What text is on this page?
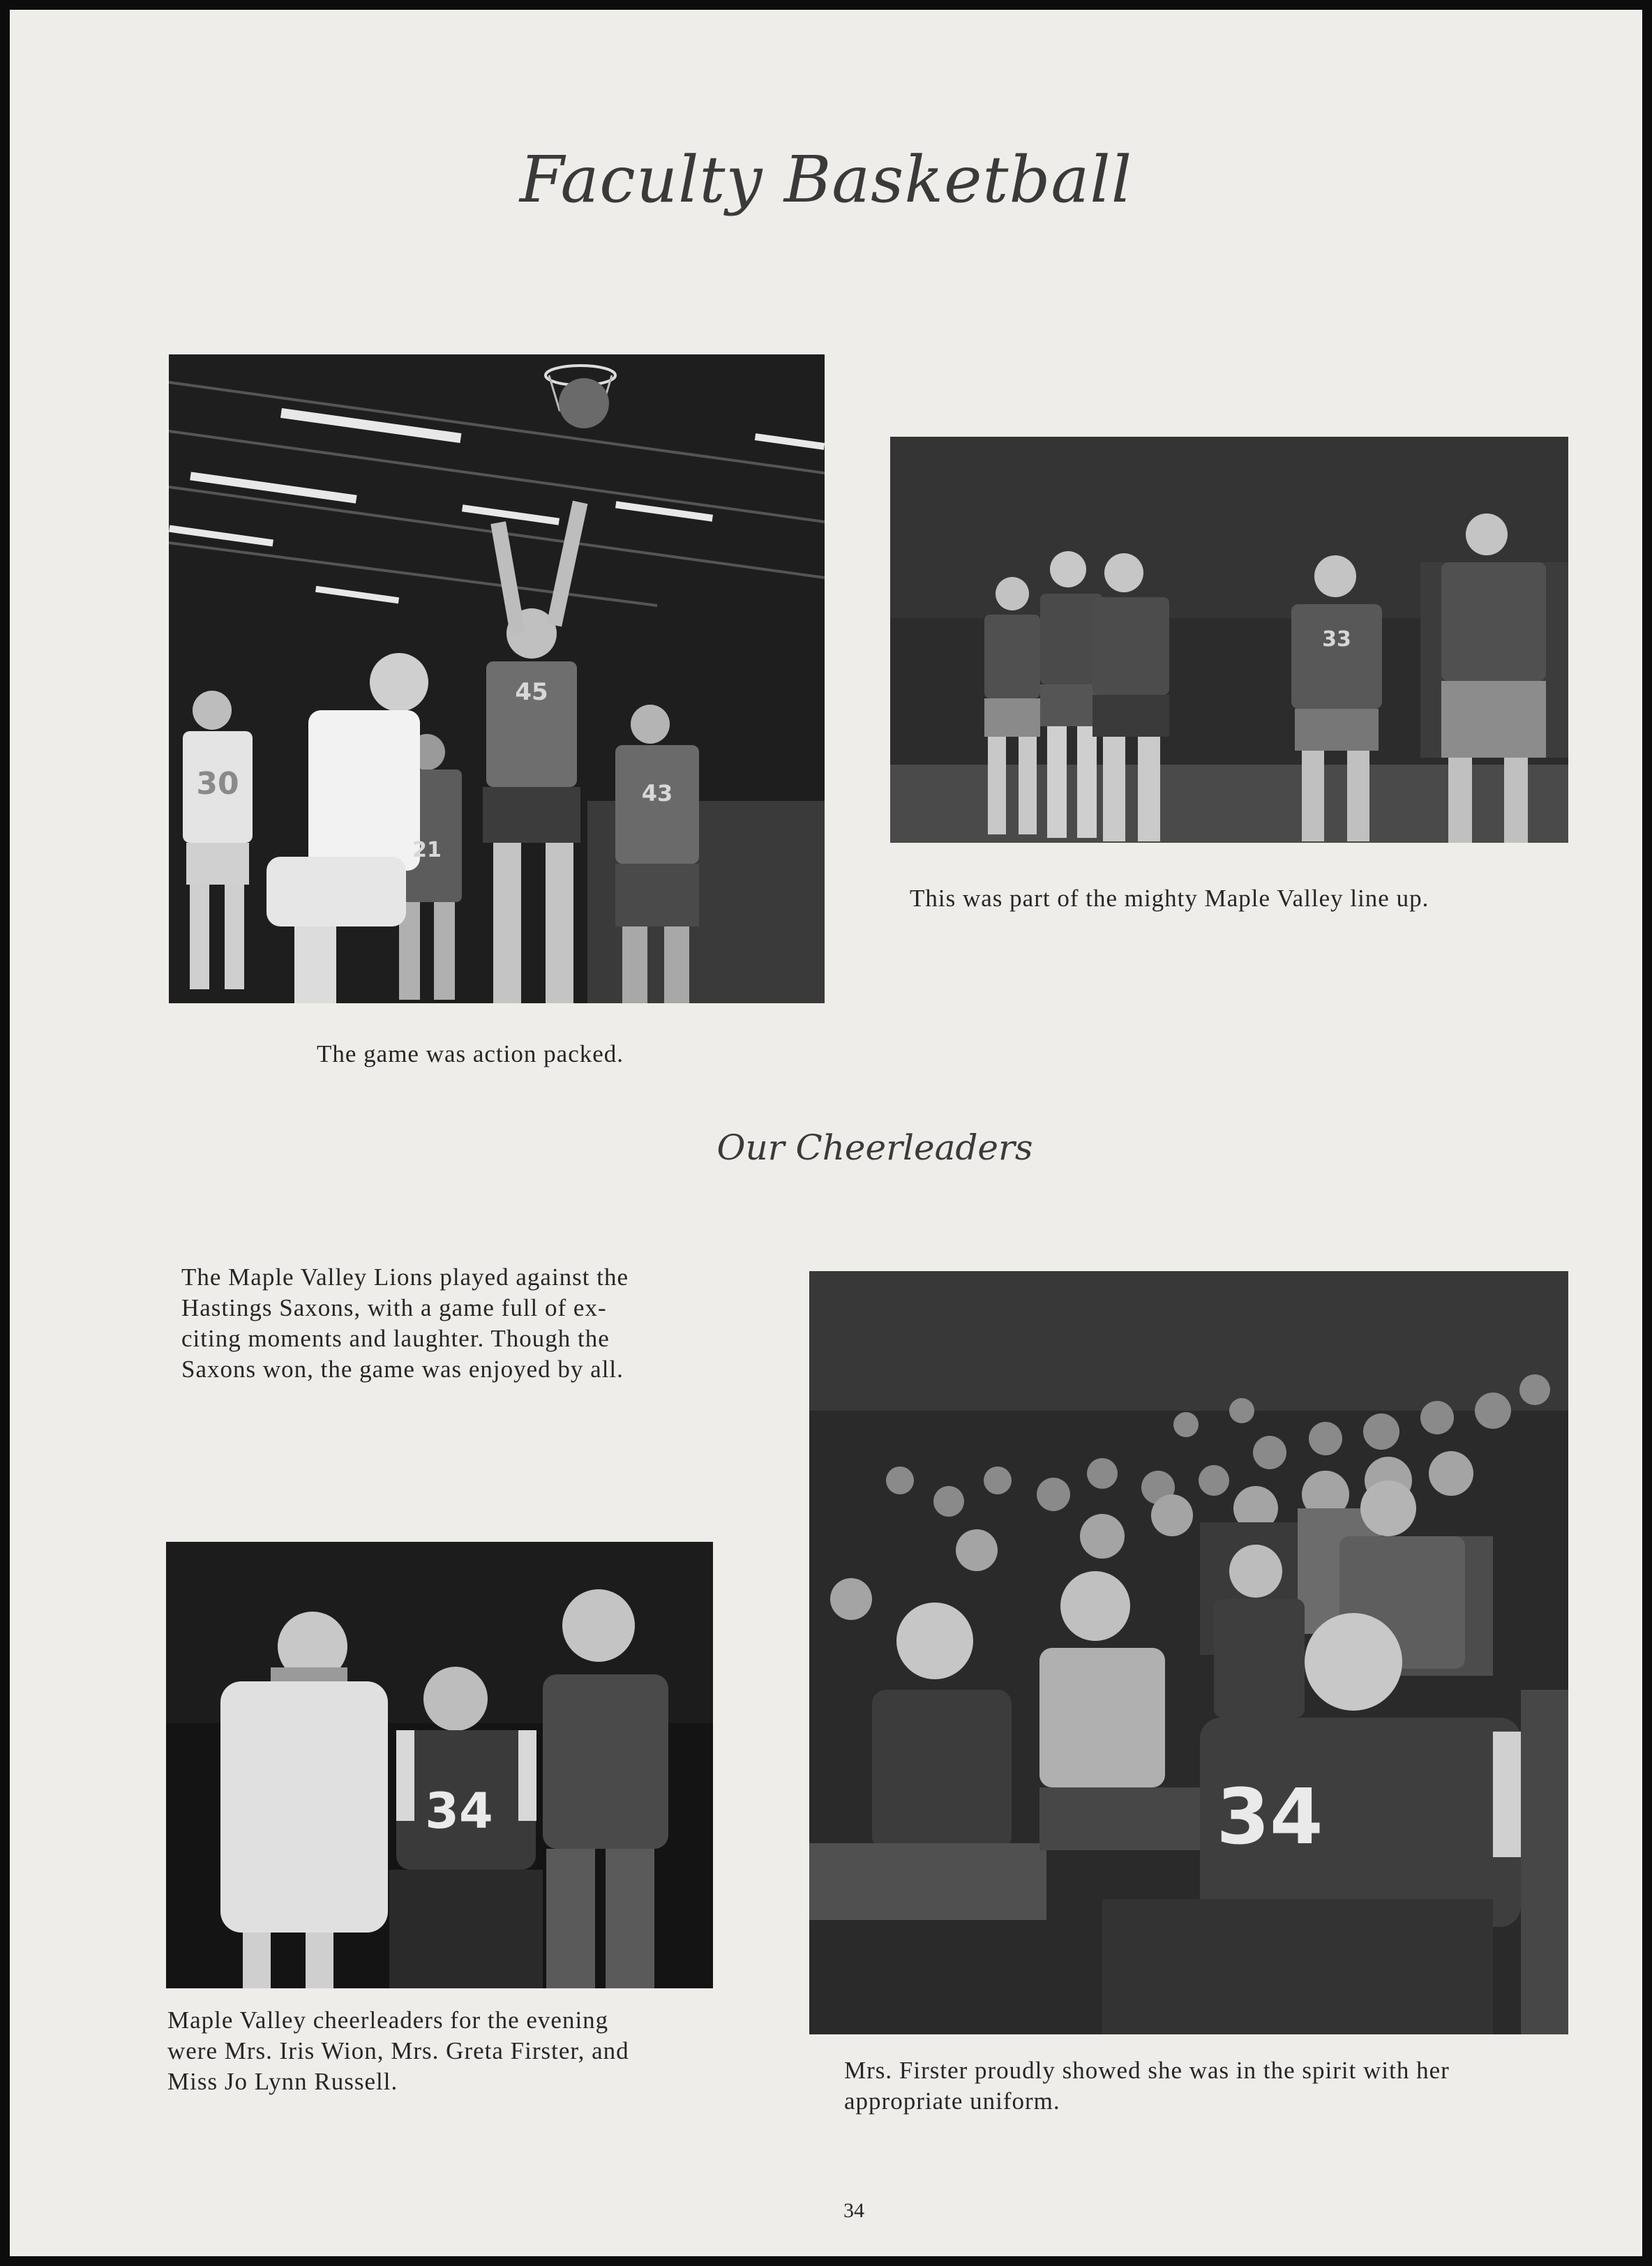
Faculty Basketball
30
45
43
21
The game was action packed.
33
This was part of the mighty Maple Valley line up.
Our Cheerleaders
The Maple Valley Lions played against the
Hastings Saxons, with a game full of ex-
citing moments and laughter. Though the
Saxons won, the game was enjoyed by all.
34
34
Maple Valley cheerleaders for the evening
were Mrs. Iris Wion, Mrs. Greta Firster, and
Miss Jo Lynn Russell.	Mrs. Firster proudly showed she was in the spirit with her
appropriate uniform.
34
